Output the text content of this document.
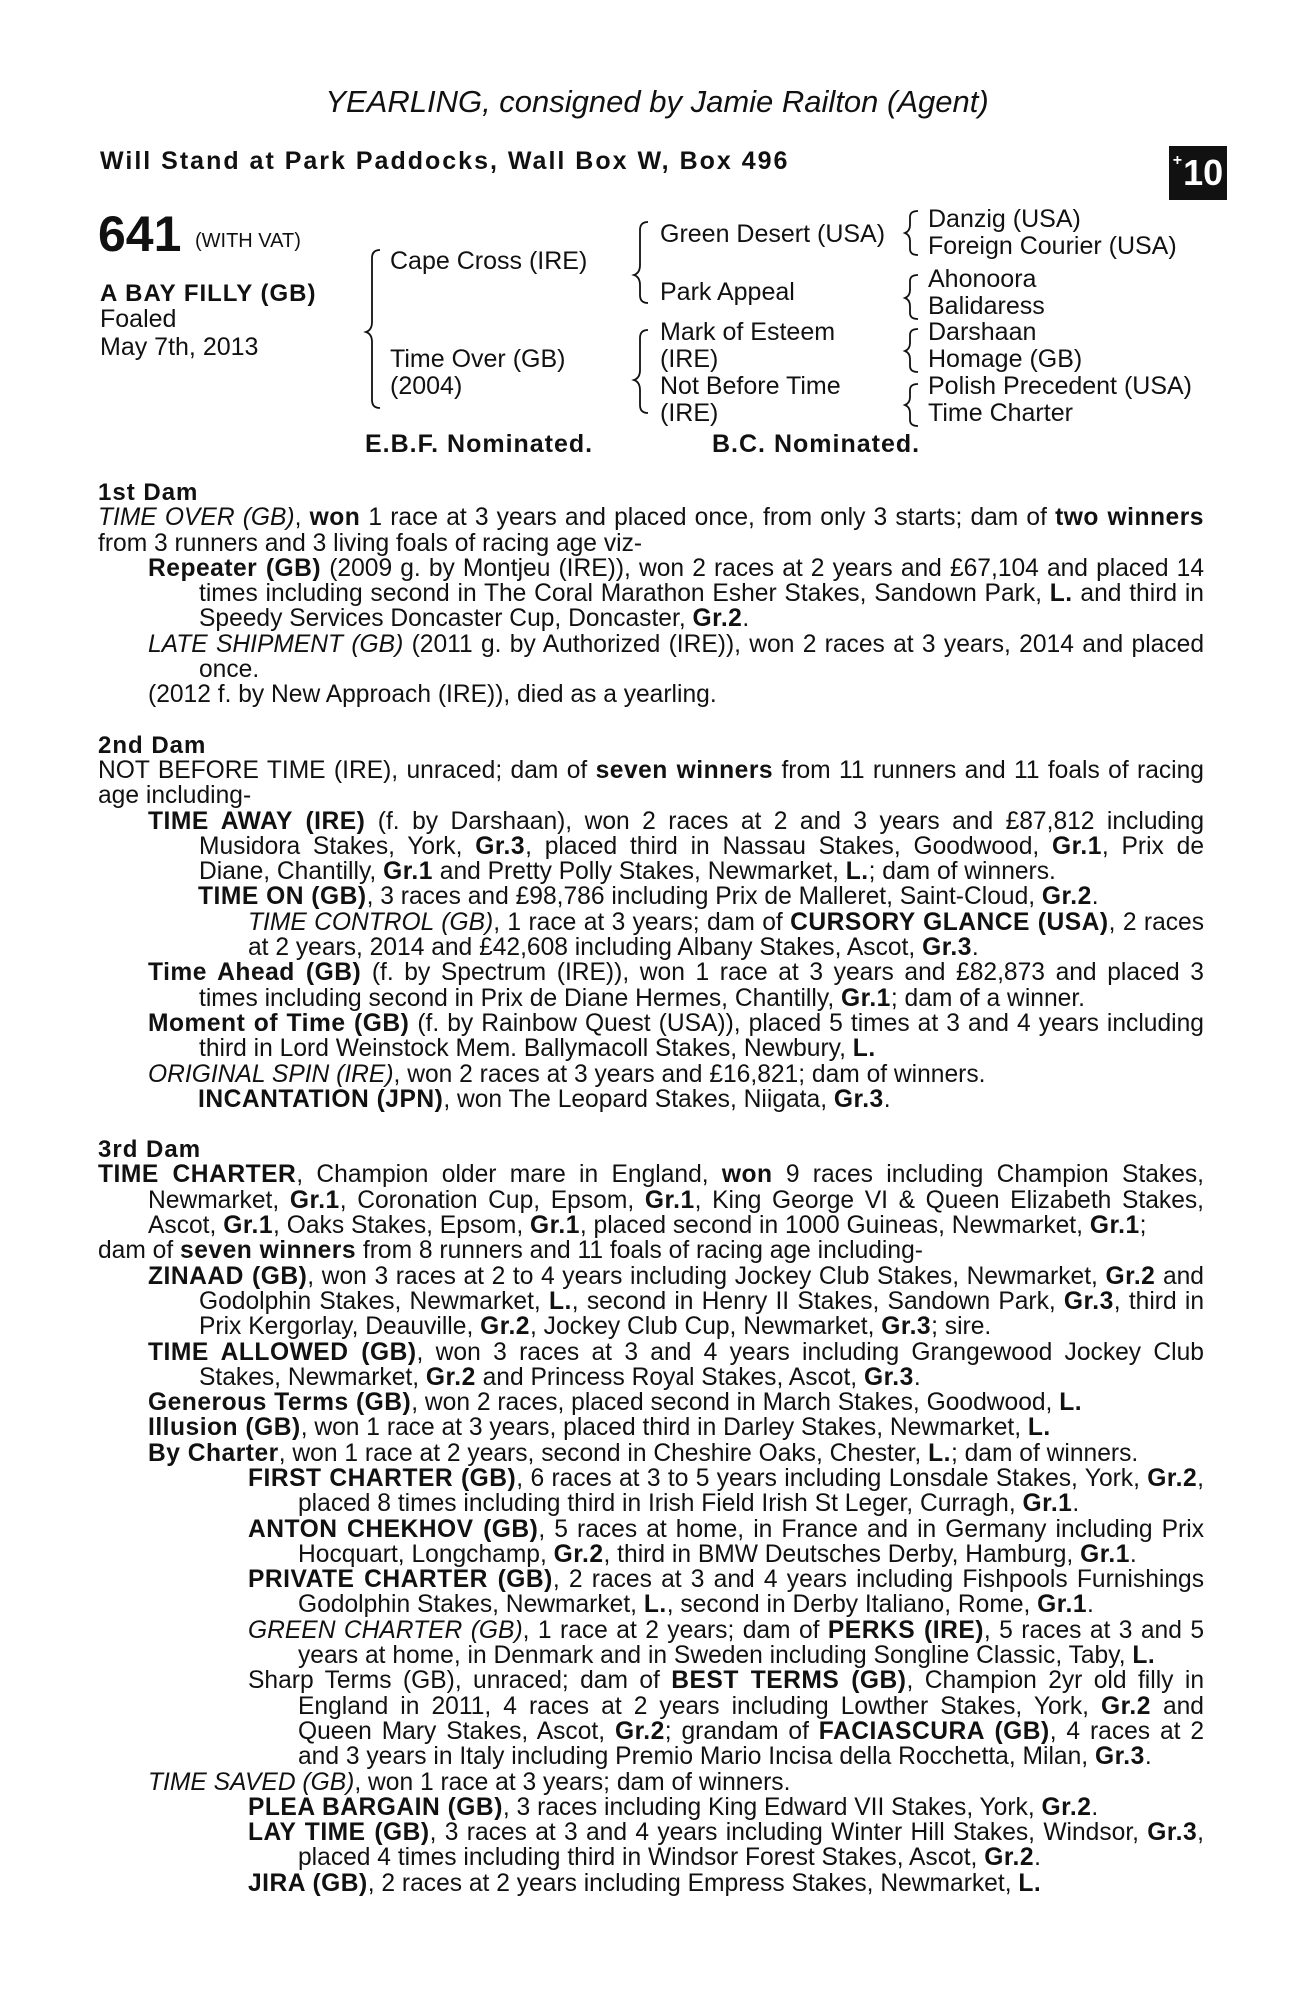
YEARLING, consigned by Jamie Railton (Agent)
Will Stand at Park Paddocks, Wall Box W, Box 496	+ 10
641 (WITH VAT)
A BAY FILLY (GB)
Foaled
May 7th, 2013
Cape Cross (IRE)
Time Over (GB)
(2004)
Green Desert (USA)
Park Appeal
Mark of Esteem
(IRE)
Not Before Time
(IRE)
Danzig (USA)
Foreign Courier (USA)
Ahonoora
Balidaress
Darshaan
Homage (GB)
Polish Precedent (USA)
Time Charter
E.B.F. Nominated.	B.C. Nominated.
1st Dam

TIME OVER (GB), won 1 race at 3 years and placed once, from only 3 starts; dam of two winners from 3 runners and 3 living foals of racing age viz-

Repeater (GB) (2009 g. by Montjeu (IRE)), won 2 races at 2 years and £67,104 and placed 14 times including second in The Coral Marathon Esher Stakes, Sandown Park, L. and third in Speedy Services Doncaster Cup, Doncaster, Gr.2.

LATE SHIPMENT (GB) (2011 g. by Authorized (IRE)), won 2 races at 3 years, 2014 and placed once.

(2012 f. by New Approach (IRE)), died as a yearling.

2nd Dam

NOT BEFORE TIME (IRE), unraced; dam of seven winners from 11 runners and 11 foals of racing age including-

TIME AWAY (IRE) (f. by Darshaan), won 2 races at 2 and 3 years and £87,812 including Musidora Stakes, York, Gr.3, placed third in Nassau Stakes, Goodwood, Gr.1, Prix de Diane, Chantilly, Gr.1 and Pretty Polly Stakes, Newmarket, L.; dam of winners.

TIME ON (GB), 3 races and £98,786 including Prix de Malleret, Saint-Cloud, Gr.2.

TIME CONTROL (GB), 1 race at 3 years; dam of CURSORY GLANCE (USA), 2 races at 2 years, 2014 and £42,608 including Albany Stakes, Ascot, Gr.3.

Time Ahead (GB) (f. by Spectrum (IRE)), won 1 race at 3 years and £82,873 and placed 3 times including second in Prix de Diane Hermes, Chantilly, Gr.1; dam of a winner.

Moment of Time (GB) (f. by Rainbow Quest (USA)), placed 5 times at 3 and 4 years including third in Lord Weinstock Mem. Ballymacoll Stakes, Newbury, L.

ORIGINAL SPIN (IRE), won 2 races at 3 years and £16,821; dam of winners.

INCANTATION (JPN), won The Leopard Stakes, Niigata, Gr.3.

3rd Dam

TIME CHARTER, Champion older mare in England, won 9 races including Champion Stakes, Newmarket, Gr.1, Coronation Cup, Epsom, Gr.1, King George VI & Queen Elizabeth Stakes, Ascot, Gr.1, Oaks Stakes, Epsom, Gr.1, placed second in 1000 Guineas, Newmarket, Gr.1;

dam of seven winners from 8 runners and 11 foals of racing age including-

ZINAAD (GB), won 3 races at 2 to 4 years including Jockey Club Stakes, Newmarket, Gr.2 and Godolphin Stakes, Newmarket, L., second in Henry II Stakes, Sandown Park, Gr.3, third in Prix Kergorlay, Deauville, Gr.2, Jockey Club Cup, Newmarket, Gr.3; sire.

TIME ALLOWED (GB), won 3 races at 3 and 4 years including Grangewood Jockey Club Stakes, Newmarket, Gr.2 and Princess Royal Stakes, Ascot, Gr.3.

Generous Terms (GB), won 2 races, placed second in March Stakes, Goodwood, L.

Illusion (GB), won 1 race at 3 years, placed third in Darley Stakes, Newmarket, L.

By Charter, won 1 race at 2 years, second in Cheshire Oaks, Chester, L.; dam of winners.

FIRST CHARTER (GB), 6 races at 3 to 5 years including Lonsdale Stakes, York, Gr.2, placed 8 times including third in Irish Field Irish St Leger, Curragh, Gr.1.

ANTON CHEKHOV (GB), 5 races at home, in France and in Germany including Prix Hocquart, Longchamp, Gr.2, third in BMW Deutsches Derby, Hamburg, Gr.1.

PRIVATE CHARTER (GB), 2 races at 3 and 4 years including Fishpools Furnishings Godolphin Stakes, Newmarket, L., second in Derby Italiano, Rome, Gr.1.

GREEN CHARTER (GB), 1 race at 2 years; dam of PERKS (IRE), 5 races at 3 and 5 years at home, in Denmark and in Sweden including Songline Classic, Taby, L.

Sharp Terms (GB), unraced; dam of BEST TERMS (GB), Champion 2yr old filly in England in 2011, 4 races at 2 years including Lowther Stakes, York, Gr.2 and Queen Mary Stakes, Ascot, Gr.2; grandam of FACIASCURA (GB), 4 races at 2 and 3 years in Italy including Premio Mario Incisa della Rocchetta, Milan, Gr.3.

TIME SAVED (GB), won 1 race at 3 years; dam of winners.

PLEA BARGAIN (GB), 3 races including King Edward VII Stakes, York, Gr.2.

LAY TIME (GB), 3 races at 3 and 4 years including Winter Hill Stakes, Windsor, Gr.3, placed 4 times including third in Windsor Forest Stakes, Ascot, Gr.2.

JIRA (GB), 2 races at 2 years including Empress Stakes, Newmarket, L.
